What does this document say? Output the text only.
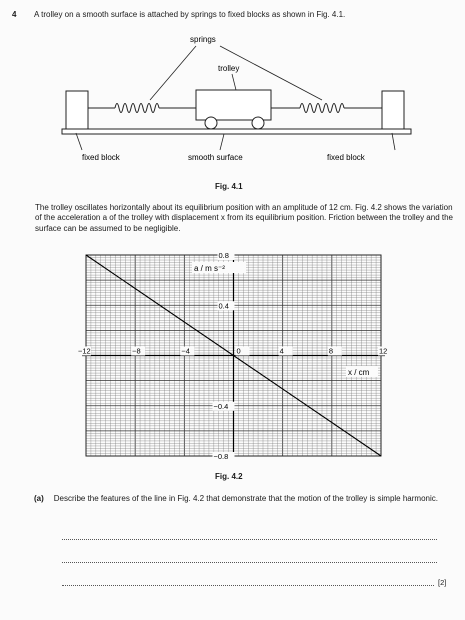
4 A trolley on a smooth surface is attached by springs to fixed blocks as shown in Fig. 4.1.
springs
trolley
fixed block	smooth surface	fixed block
Fig. 4.1
The trolley oscillates horizontally about its equilibrium position with an amplitude of 12 cm. Fig. 4.2 shows the variation of the acceleration a of the trolley with displacement x from its equilibrium position. Friction between the trolley and the surface can be assumed to be negligible.
−12	−8	−4	0	4	8	12
0.8
0.4
−0.4
−0.8
a / m s⁻²
x / cm
Fig. 4.2
(a) Describe the features of the line in Fig. 4.2 that demonstrate that the motion of the trolley is simple harmonic.
[2]
